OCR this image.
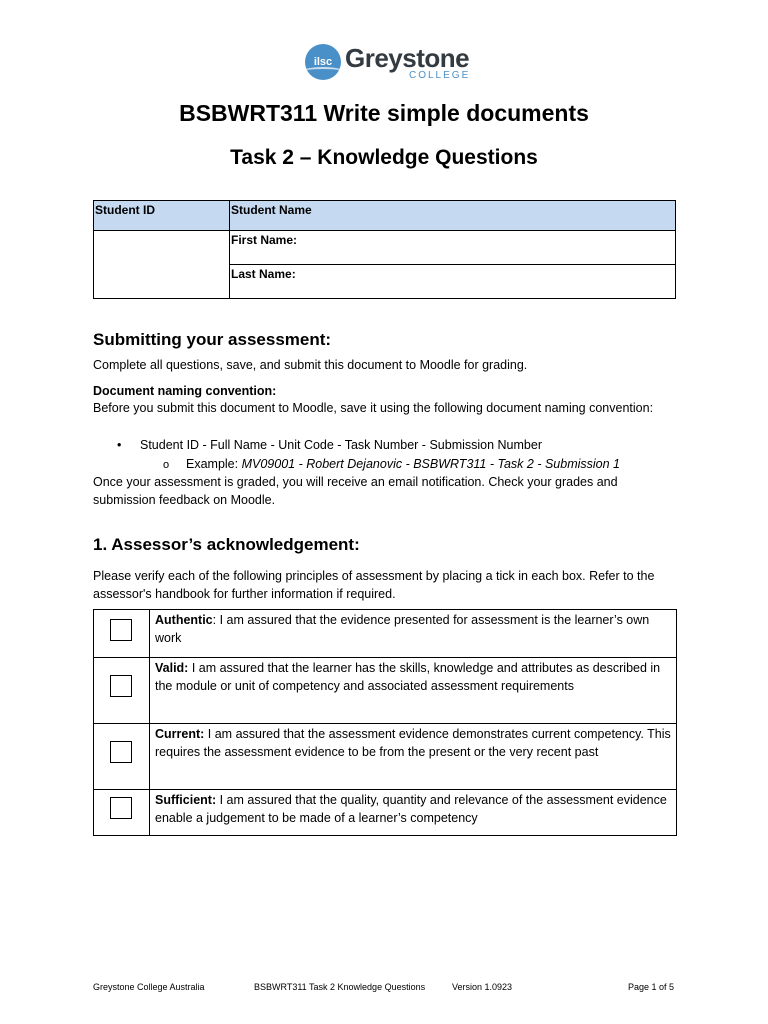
ilsc Greystone
COLLEGE
BSBWRT311 Write simple documents
Task 2 – Knowledge Questions
Student ID	Student Name
	First Name:
	Last Name:
Submitting your assessment:
Complete all questions, save, and submit this document to Moodle for grading.
Document naming convention:
Before you submit this document to Moodle, save it using the following document naming convention:
• Student ID - Full Name - Unit Code - Task Number - Submission Number
o Example: MV09001 - Robert Dejanovic - BSBWRT311 - Task 2 - Submission 1
Once your assessment is graded, you will receive an email notification. Check your grades and submission feedback on Moodle.
1. Assessor’s acknowledgement:
Please verify each of the following principles of assessment by placing a tick in each box. Refer to the assessor's handbook for further information if required.
	Authentic: I am assured that the evidence presented for assessment is the learner’s own work

	Valid: I am assured that the learner has the skills, knowledge and attributes as described in the module or unit of competency and associated assessment requirements

	Current: I am assured that the assessment evidence demonstrates current competency. This requires the assessment evidence to be from the present or the very recent past

	Sufficient: I am assured that the quality, quantity and relevance of the assessment evidence enable a judgement to be made of a learner’s competency
Greystone College Australia	BSBWRT311 Task 2 Knowledge Questions	Version 1.0923	Page 1 of 5
